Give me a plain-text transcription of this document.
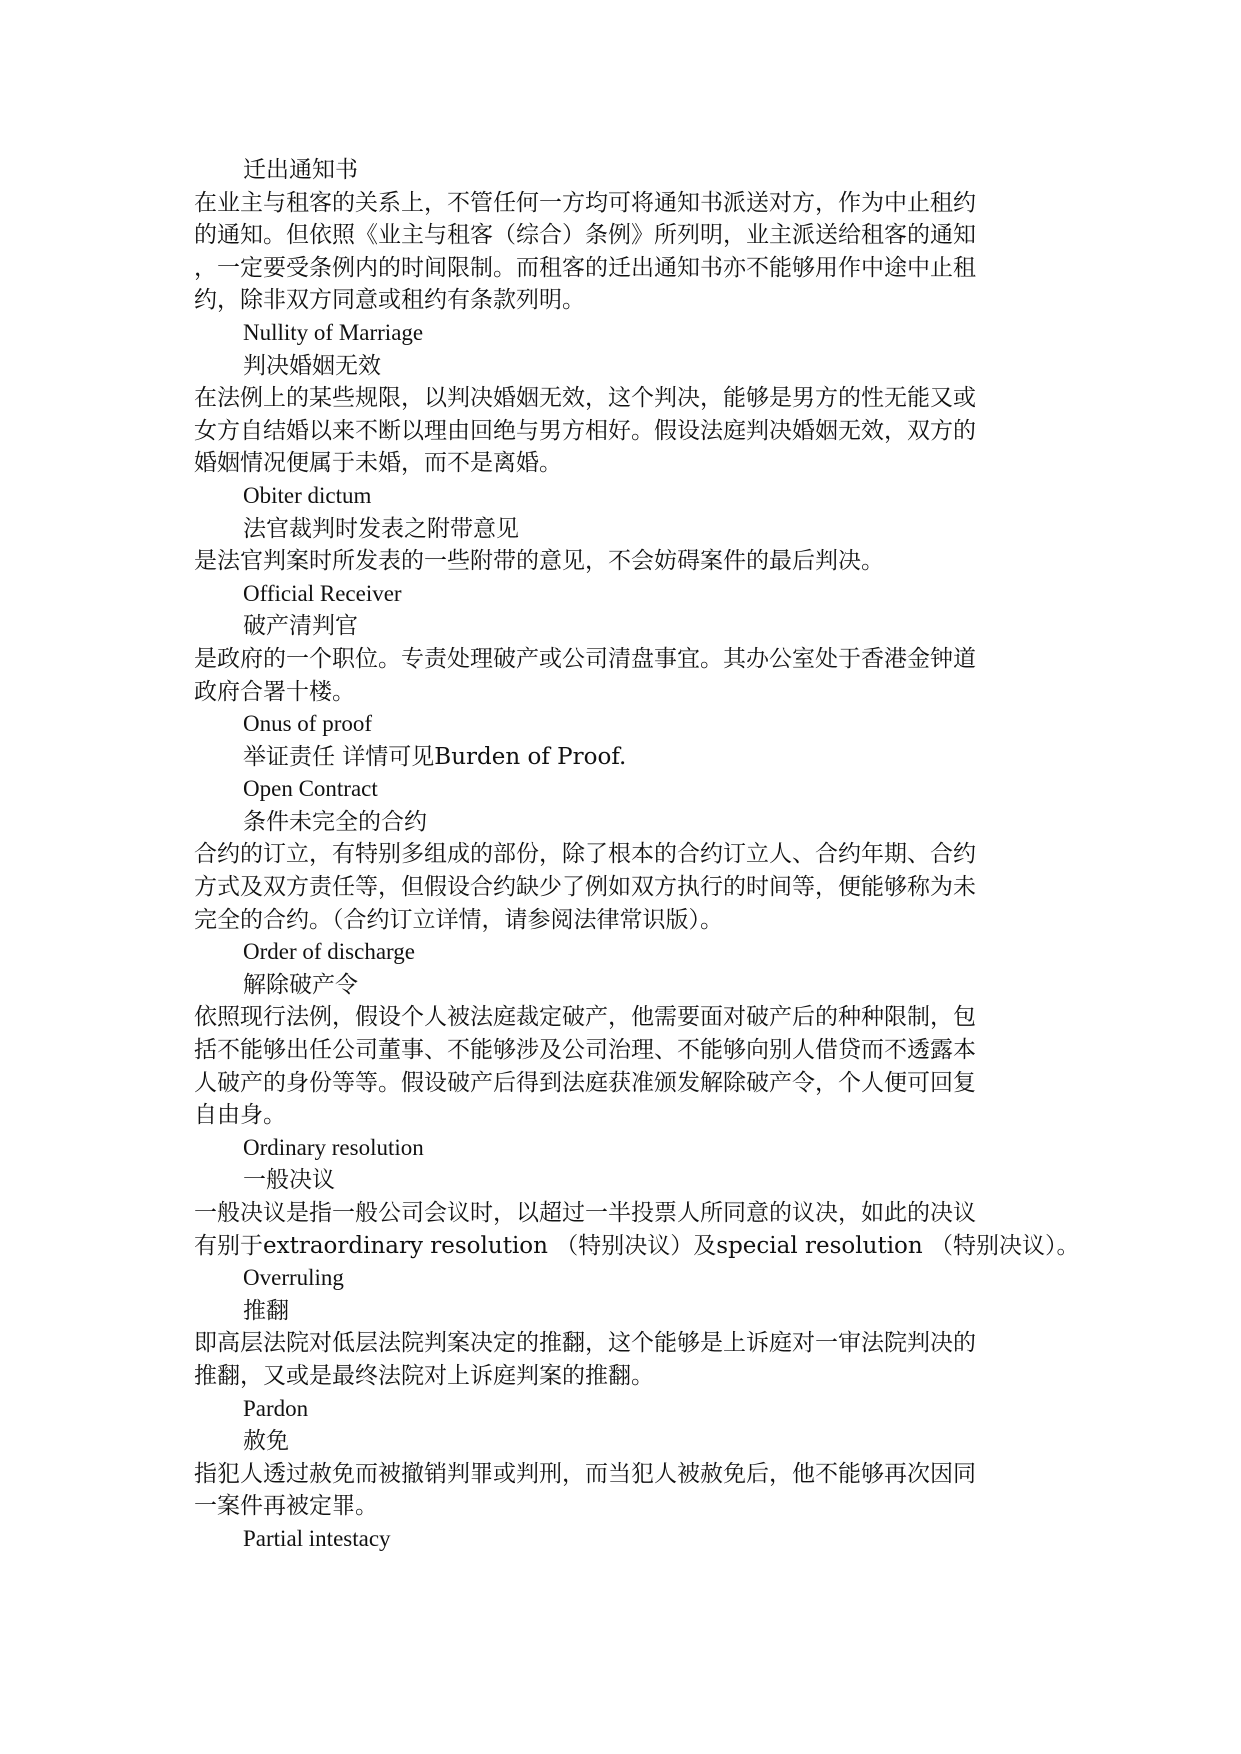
迁出通知书
在业主与租客的关系上，不管任何一方均可将通知书派送对方，作为中止租约
的通知。但依照《业主与租客（综合）条例》所列明，业主派送给租客的通知
，一定要受条例内的时间限制。而租客的迁出通知书亦不能够用作中途中止租
约，除非双方同意或租约有条款列明。
Nullity of Marriage
判决婚姻无效
在法例上的某些规限，以判决婚姻无效，这个判决，能够是男方的性无能又或
女方自结婚以来不断以理由回绝与男方相好。假设法庭判决婚姻无效，双方的
婚姻情况便属于未婚，而不是离婚。
Obiter dictum
法官裁判时发表之附带意见
是法官判案时所发表的一些附带的意见，不会妨碍案件的最后判决。
Official Receiver
破产清判官
是政府的一个职位。专责处理破产或公司清盘事宜。其办公室处于香港金钟道
政府合署十楼。
Onus of proof
举证责任 详情可见Burden of Proof.
Open Contract
条件未完全的合约
合约的订立，有特别多组成的部份，除了根本的合约订立人、合约年期、合约
方式及双方责任等，但假设合约缺少了例如双方执行的时间等，便能够称为未
完全的合约。（合约订立详情，请参阅法律常识版）。
Order of discharge
解除破产令
依照现行法例，假设个人被法庭裁定破产，他需要面对破产后的种种限制，包
括不能够出任公司董事、不能够涉及公司治理、不能够向别人借贷而不透露本
人破产的身份等等。假设破产后得到法庭获准颁发解除破产令，个人便可回复
自由身。
Ordinary resolution
一般决议
一般决议是指一般公司会议时，以超过一半投票人所同意的议决，如此的决议
有别于extraordinary resolution （特别决议）及special resolution （特别决议）。
Overruling
推翻
即高层法院对低层法院判案决定的推翻，这个能够是上诉庭对一审法院判决的
推翻，又或是最终法院对上诉庭判案的推翻。
Pardon
赦免
指犯人透过赦免而被撤销判罪或判刑，而当犯人被赦免后，他不能够再次因同
一案件再被定罪。
Partial intestacy
